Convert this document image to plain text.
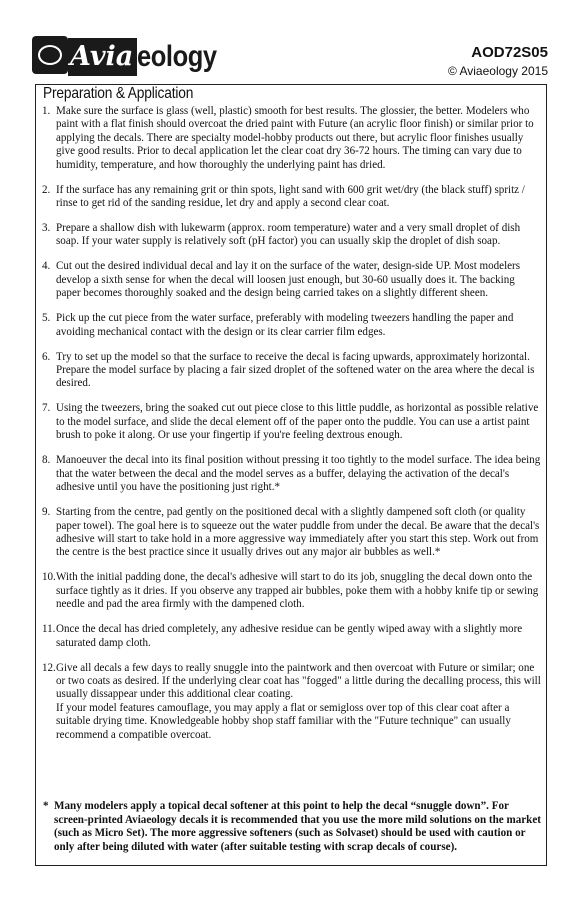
Avia eology	AOD72S05
© Aviaeology 2015
Preparation & Application
1. Make sure the surface is glass (well, plastic) smooth for best results. The glossier, the better. Modelers who paint with a flat finish should overcoat the dried paint with Future (an acrylic floor finish) or similar prior to applying the decals. There are specialty model-hobby products out there, but acrylic floor finishes usually give good results. Prior to decal application let the clear coat dry 36-72 hours. The timing can vary due to humidity, temperature, and how thoroughly the underlying paint has dried.
2. If the surface has any remaining grit or thin spots, light sand with 600 grit wet/dry (the black stuff) spritz / rinse to get rid of the sanding residue, let dry and apply a second clear coat.
3. Prepare a shallow dish with lukewarm (approx. room temperature) water and a very small droplet of dish soap. If your water supply is relatively soft (pH factor) you can usually skip the droplet of dish soap.
4. Cut out the desired individual decal and lay it on the surface of the water, design-side UP. Most modelers develop a sixth sense for when the decal will loosen just enough, but 30-60 usually does it. The backing paper becomes thoroughly soaked and the design being carried takes on a slightly different sheen.
5. Pick up the cut piece from the water surface, preferably with modeling tweezers handling the paper and avoiding mechanical contact with the design or its clear carrier film edges.
6. Try to set up the model so that the surface to receive the decal is facing upwards, approximately horizontal. Prepare the model surface by placing a fair sized droplet of the softened water on the area where the decal is desired.
7. Using the tweezers, bring the soaked cut out piece close to this little puddle, as horizontal as possible relative to the model surface, and slide the decal element off of the paper onto the puddle. You can use a artist paint brush to poke it along. Or use your fingertip if you're feeling dextrous enough.
8. Manoeuver the decal into its final position without pressing it too tightly to the model surface. The idea being that the water between the decal and the model serves as a buffer, delaying the activation of the decal's adhesive until you have the positioning just right.*
9. Starting from the centre, pad gently on the positioned decal with a slightly dampened soft cloth (or quality paper towel). The goal here is to squeeze out the water puddle from under the decal. Be aware that the decal's adhesive will start to take hold in a more aggressive way immediately after you start this step. Work out from the centre is the best practice since it usually drives out any major air bubbles as well.*
10. With the initial padding done, the decal's adhesive will start to do its job, snuggling the decal down onto the surface tightly as it dries. If you observe any trapped air bubbles, poke them with a hobby knife tip or sewing needle and pad the area firmly with the dampened cloth.
11. Once the decal has dried completely, any adhesive residue can be gently wiped away with a slightly more saturated damp cloth.
12. Give all decals a few days to really snuggle into the paintwork and then overcoat with Future or similar; one or two coats as desired. If the underlying clear coat has "fogged" a little during the decalling process, this will usually dissappear under this additional clear coating.
If your model features camouflage, you may apply a flat or semigloss over top of this clear coat after a suitable drying time. Knowledgeable hobby shop staff familiar with the "Future technique" can usually recommend a compatible overcoat.
* Many modelers apply a topical decal softener at this point to help the decal “snuggle down”. For
screen-printed Aviaeology decals it is recommended that you use the more mild solutions on the market (such as Micro Set). The more aggressive softeners (such as Solvaset) should be used with caution or only after being diluted with water (after suitable testing with scrap decals of course).
